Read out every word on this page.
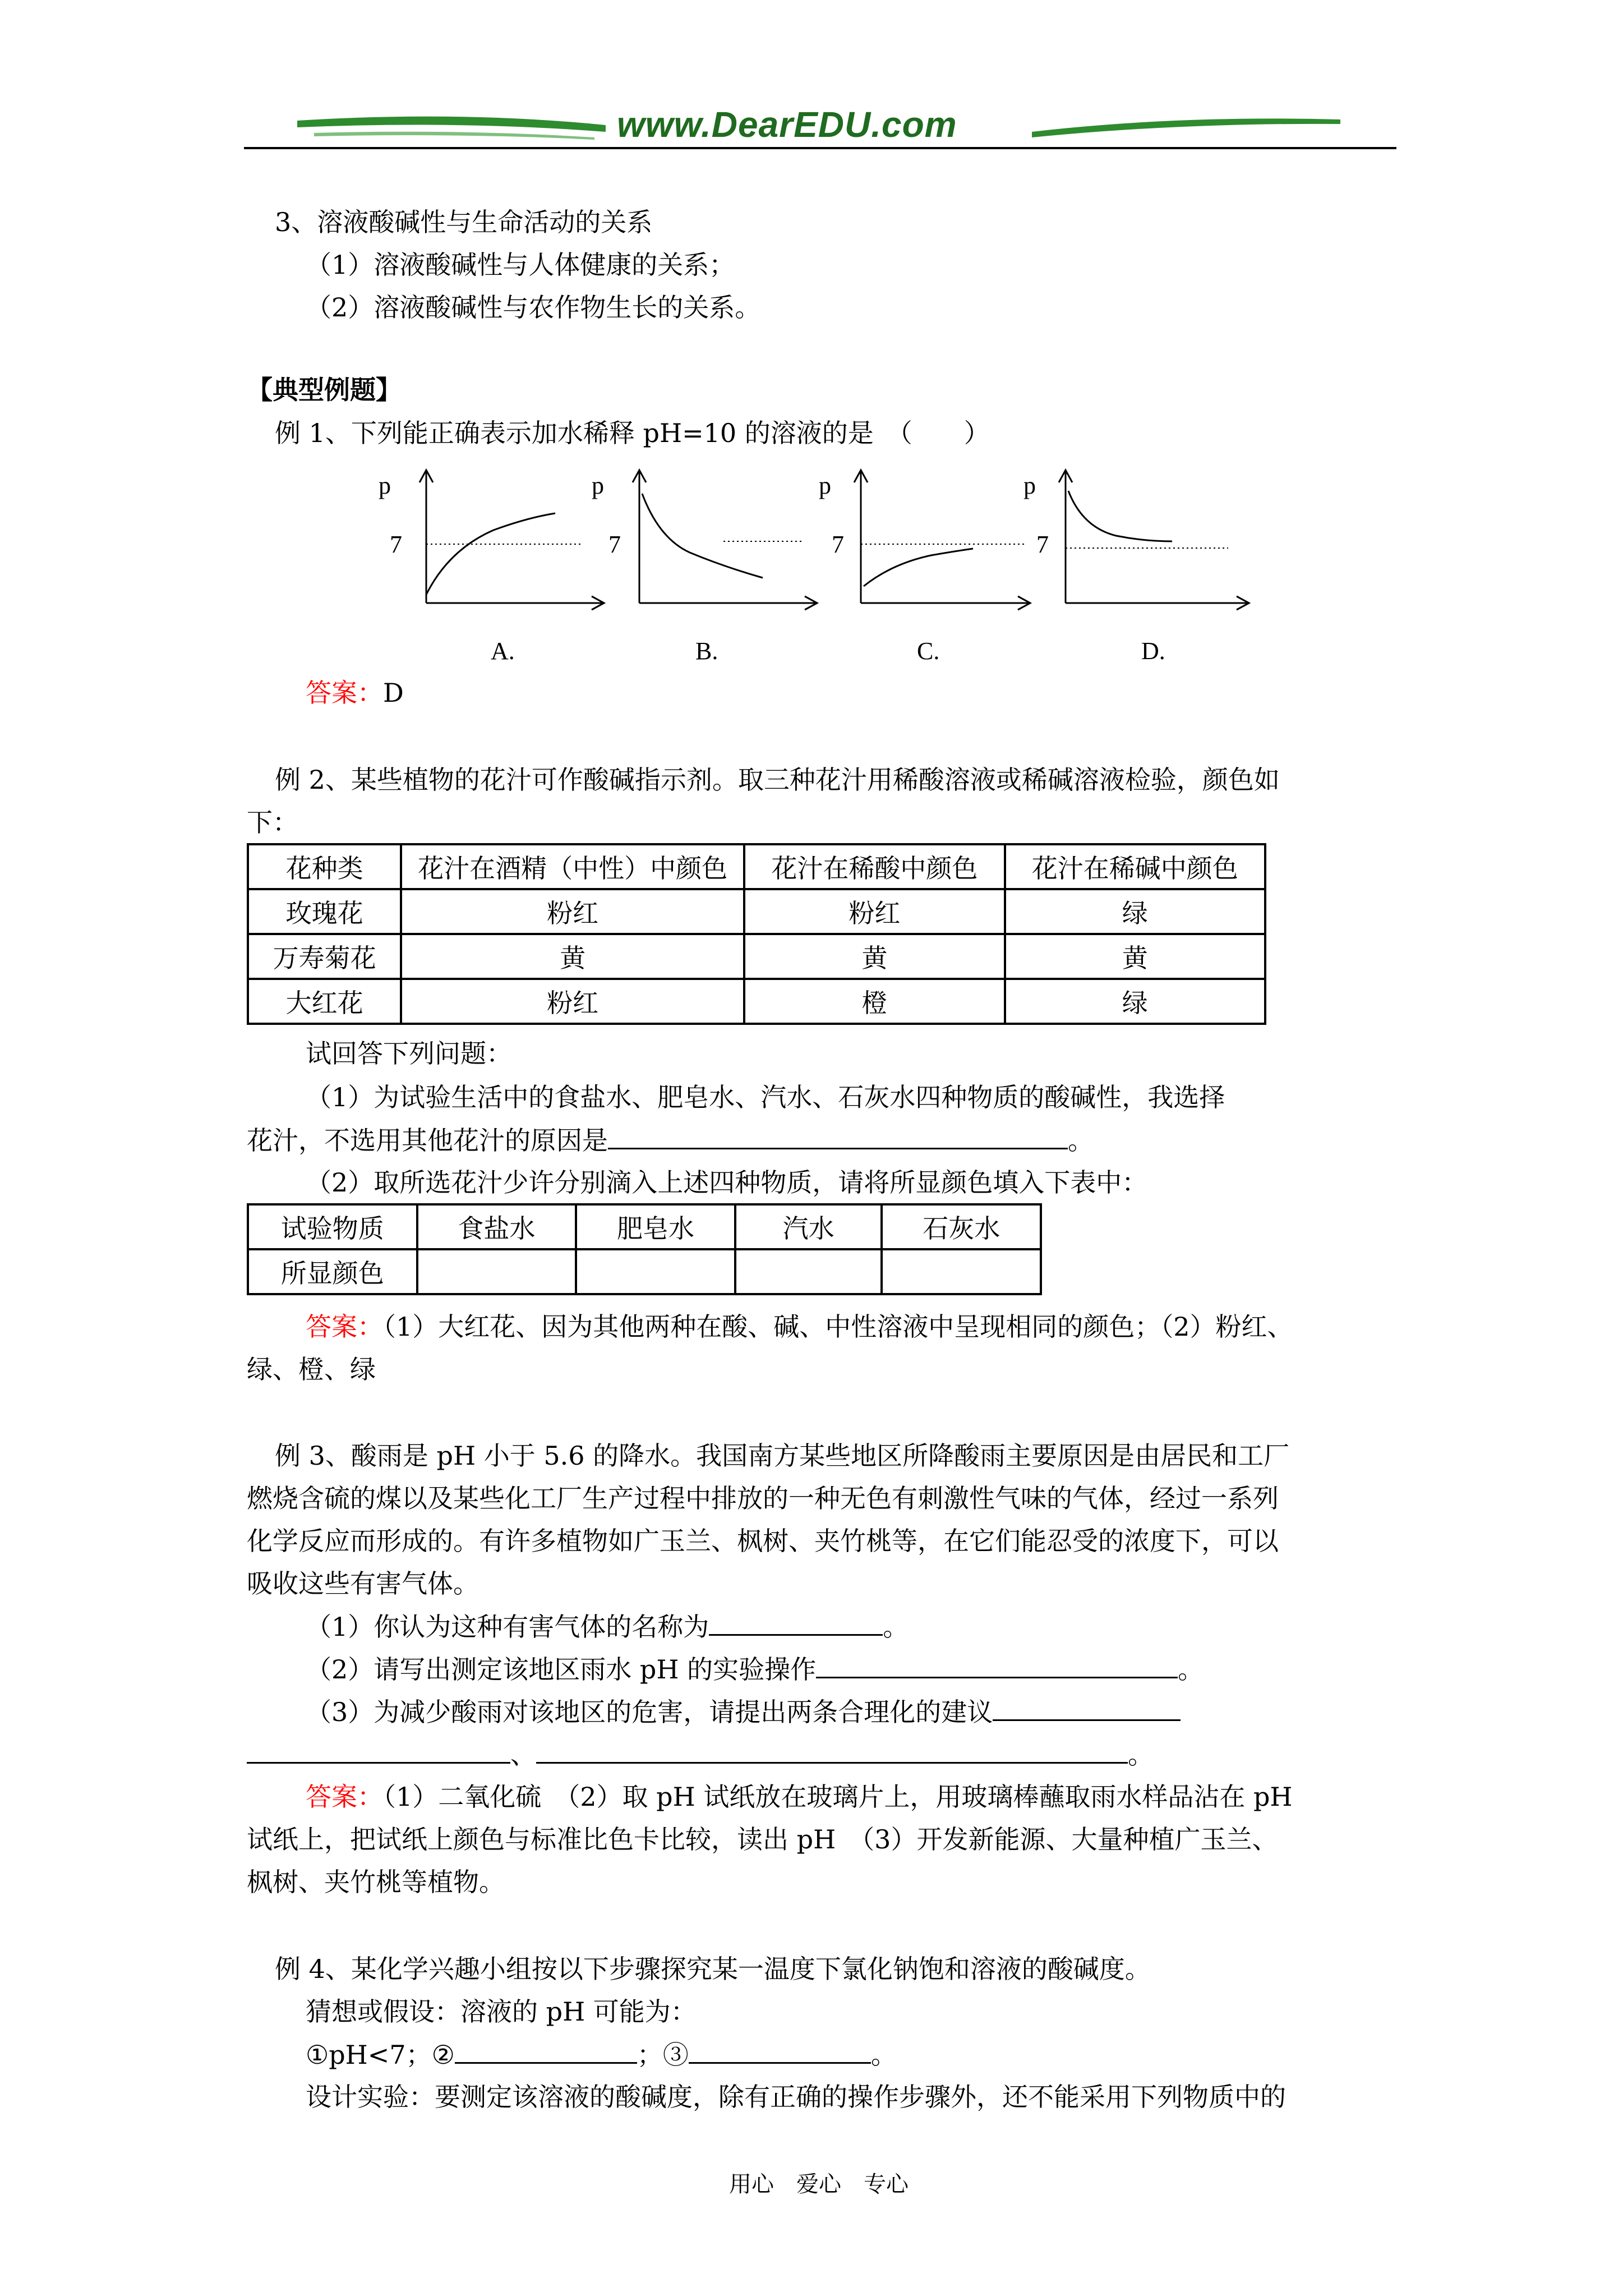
www.DearEDU.com
3、溶液酸碱性与生命活动的关系
（1）溶液酸碱性与人体健康的关系；
（2）溶液酸碱性与农作物生长的关系。
【典型例题】
例 1、下列能正确表示加水稀释 pH=10 的溶液的是　（　　）
p
7
A.
p
7
B.
p
7
C.
p
7
D.
答案：D
例 2、某些植物的花汁可作酸碱指示剂。取三种花汁用稀酸溶液或稀碱溶液检验，颜色如
下：
花种类	花汁在酒精（中性）中颜色	花汁在稀酸中颜色	花汁在稀碱中颜色
玫瑰花	粉红	粉红	绿
万寿菊花	黄	黄	黄
大红花	粉红	橙	绿
试回答下列问题：
（1）为试验生活中的食盐水、肥皂水、汽水、石灰水四种物质的酸碱性，我选择
花汁，不选用其他花汁的原因是	。
（2）取所选花汁少许分别滴入上述四种物质，请将所显颜色填入下表中：
试验物质	食盐水	肥皂水	汽水	石灰水
所显颜色				
答案：（1）大红花、因为其他两种在酸、碱、中性溶液中呈现相同的颜色；（2）粉红、
绿、橙、绿
例 3、酸雨是 pH 小于 5.6 的降水。我国南方某些地区所降酸雨主要原因是由居民和工厂
燃烧含硫的煤以及某些化工厂生产过程中排放的一种无色有刺激性气味的气体，经过一系列
化学反应而形成的。有许多植物如广玉兰、枫树、夹竹桃等，在它们能忍受的浓度下，可以
吸收这些有害气体。
（1）你认为这种有害气体的名称为	。
（2）请写出测定该地区雨水 pH 的实验操作	。
（3）为减少酸雨对该地区的危害，请提出两条合理化的建议
、	。
答案：（1）二氧化硫　（2）取 pH 试纸放在玻璃片上，用玻璃棒蘸取雨水样品沾在 pH
试纸上，把试纸上颜色与标准比色卡比较，读出 pH　（3）开发新能源、大量种植广玉兰、
枫树、夹竹桃等植物。
例 4、某化学兴趣小组按以下步骤探究某一温度下氯化钠饱和溶液的酸碱度。
猜想或假设：溶液的 pH 可能为：
①pH<7；②	；③	。
设计实验：要测定该溶液的酸碱度，除有正确的操作步骤外，还不能采用下列物质中的
用心　爱心　专心
